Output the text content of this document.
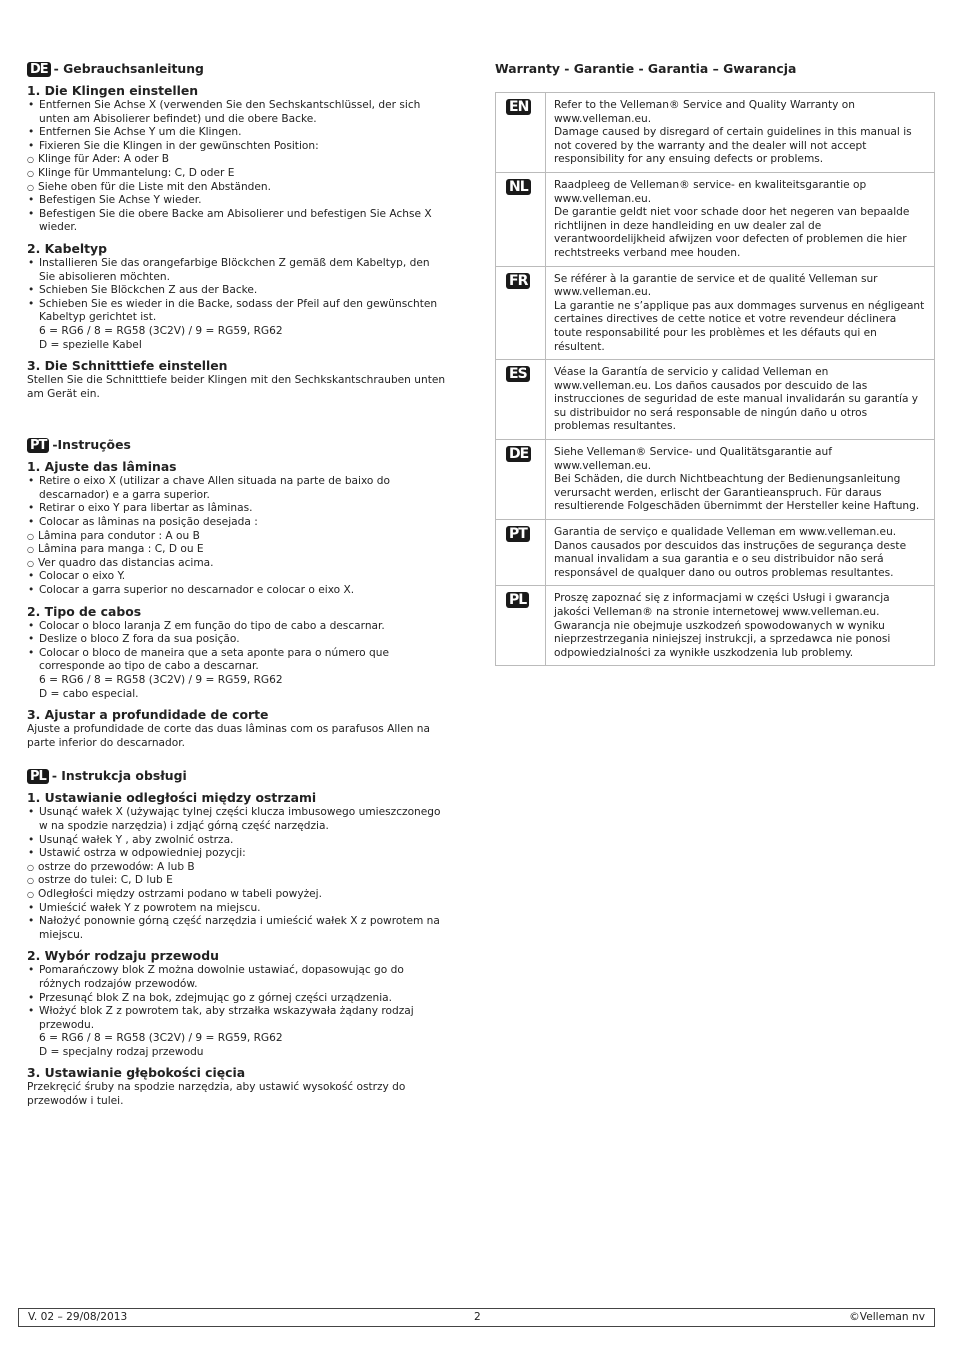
DE - Gebrauchsanleitung
1. Die Klingen einstellen
• Entfernen Sie Achse X (verwenden Sie den Sechskantschlüssel, der sich unten am Abisolierer befindet) und die obere Backe.
• Entfernen Sie Achse Y um die Klingen.
• Fixieren Sie die Klingen in der gewünschten Position:
○ Klinge für Ader: A oder B
○ Klinge für Ummantelung: C, D oder E
○ Siehe oben für die Liste mit den Abständen.
• Befestigen Sie Achse Y wieder.
• Befestigen Sie die obere Backe am Abisolierer und befestigen Sie Achse X wieder.
2. Kabeltyp
• Installieren Sie das orangefarbige Blöckchen Z gemäß dem Kabeltyp, den Sie abisolieren möchten.
• Schieben Sie Blöckchen Z aus der Backe.
• Schieben Sie es wieder in die Backe, sodass der Pfeil auf den gewünschten Kabeltyp gerichtet ist.
6 = RG6 / 8 = RG58 (3C2V) / 9 = RG59, RG62
D = spezielle Kabel
3. Die Schnitttiefe einstellen
Stellen Sie die Schnitttiefe beider Klingen mit den Sechkskantschrauben unten am Gerät ein.
PT -Instruções
1. Ajuste das lâminas
• Retire o eixo X (utilizar a chave Allen situada na parte de baixo do descarnador) e a garra superior.
• Retirar o eixo Y para libertar as lâminas.
• Colocar as lâminas na posição desejada :
○ Lâmina para condutor : A ou B
○ Lâmina para manga : C, D ou E
○ Ver quadro das distancias acima.
• Colocar o eixo Y.
• Colocar a garra superior no descarnador e colocar o eixo X.
2. Tipo de cabos
• Colocar o bloco laranja Z em função do tipo de cabo a descarnar.
• Deslize o bloco Z fora da sua posição.
• Colocar o bloco de maneira que a seta aponte para o número que corresponde ao tipo de cabo a descarnar.
6 = RG6 / 8 = RG58 (3C2V) / 9 = RG59, RG62
D = cabo especial.
3. Ajustar a profundidade de corte
Ajuste a profundidade de corte das duas lâminas com os parafusos Allen na parte inferior do descarnador.
PL - Instrukcja obsługi
1. Ustawianie odległości między ostrzami
• Usunąć wałek X (używając tylnej części klucza imbusowego umieszczonego w na spodzie narzędzia) i zdjąć górną część narzędzia.
• Usunąć wałek Y , aby zwolnić ostrza.
• Ustawić ostrza w odpowiedniej pozycji:
○ ostrze do przewodów: A lub B
○ ostrze do tulei: C, D lub E
○ Odległości między ostrzami podano w tabeli powyżej.
• Umieścić wałek Y z powrotem na miejscu.
• Nałożyć ponownie górną część narzędzia i umieścić wałek X z powrotem na miejscu.
2. Wybór rodzaju przewodu
• Pomarańczowy blok Z można dowolnie ustawiać, dopasowując go do różnych rodzajów przewodów.
• Przesunąć blok Z na bok, zdejmując go z górnej części urządzenia.
• Włożyć blok Z z powrotem tak, aby strzałka wskazywała żądany rodzaj przewodu.
6 = RG6 / 8 = RG58 (3C2V) / 9 = RG59, RG62
D = specjalny rodzaj przewodu
3. Ustawianie głębokości cięcia
Przekręcić śruby na spodzie narzędzia, aby ustawić wysokość ostrzy do przewodów i tulei.
Warranty - Garantie - Garantia – Gwarancja
EN	Refer to the Velleman® Service and Quality Warranty on www.velleman.eu.
Damage caused by disregard of certain guidelines in this manual is not covered by the warranty and the dealer will not accept responsibility for any ensuing defects or problems.
NL	Raadpleeg de Velleman® service- en kwaliteitsgarantie op www.velleman.eu.
De garantie geldt niet voor schade door het negeren van bepaalde richtlijnen in deze handleiding en uw dealer zal de verantwoordelijkheid afwijzen voor defecten of problemen die hier rechtstreeks verband mee houden.
FR	Se référer à la garantie de service et de qualité Velleman sur www.velleman.eu.
La garantie ne s’applique pas aux dommages survenus en négligeant certaines directives de cette notice et votre revendeur déclinera toute responsabilité pour les problèmes et les défauts qui en résultent.
ES	Véase la Garantía de servicio y calidad Velleman en www.velleman.eu. Los daños causados por descuido de las instrucciones de seguridad de este manual invalidarán su garantía y su distribuidor no será responsable de ningún daño u otros problemas resultantes.
DE	Siehe Velleman® Service- und Qualitätsgarantie auf www.velleman.eu.
Bei Schäden, die durch Nichtbeachtung der Bedienungsanleitung verursacht werden, erlischt der Garantieanspruch. Für daraus resultierende Folgeschäden übernimmt der Hersteller keine Haftung.
PT	Garantia de serviço e qualidade Velleman em www.velleman.eu. Danos causados por descuidos das instruções de segurança deste manual invalidam a sua garantia e o seu distribuidor não será responsável de qualquer dano ou outros problemas resultantes.
PL	Proszę zapoznać się z informacjami w części Usługi i gwarancja jakości Velleman® na stronie internetowej www.velleman.eu. Gwarancja nie obejmuje uszkodzeń spowodowanych w wyniku nieprzestrzegania niniejszej instrukcji, a sprzedawca nie ponosi odpowiedzialności za wynikłe uszkodzenia lub problemy.
V. 02 – 29/08/2013	2	©Velleman nv
